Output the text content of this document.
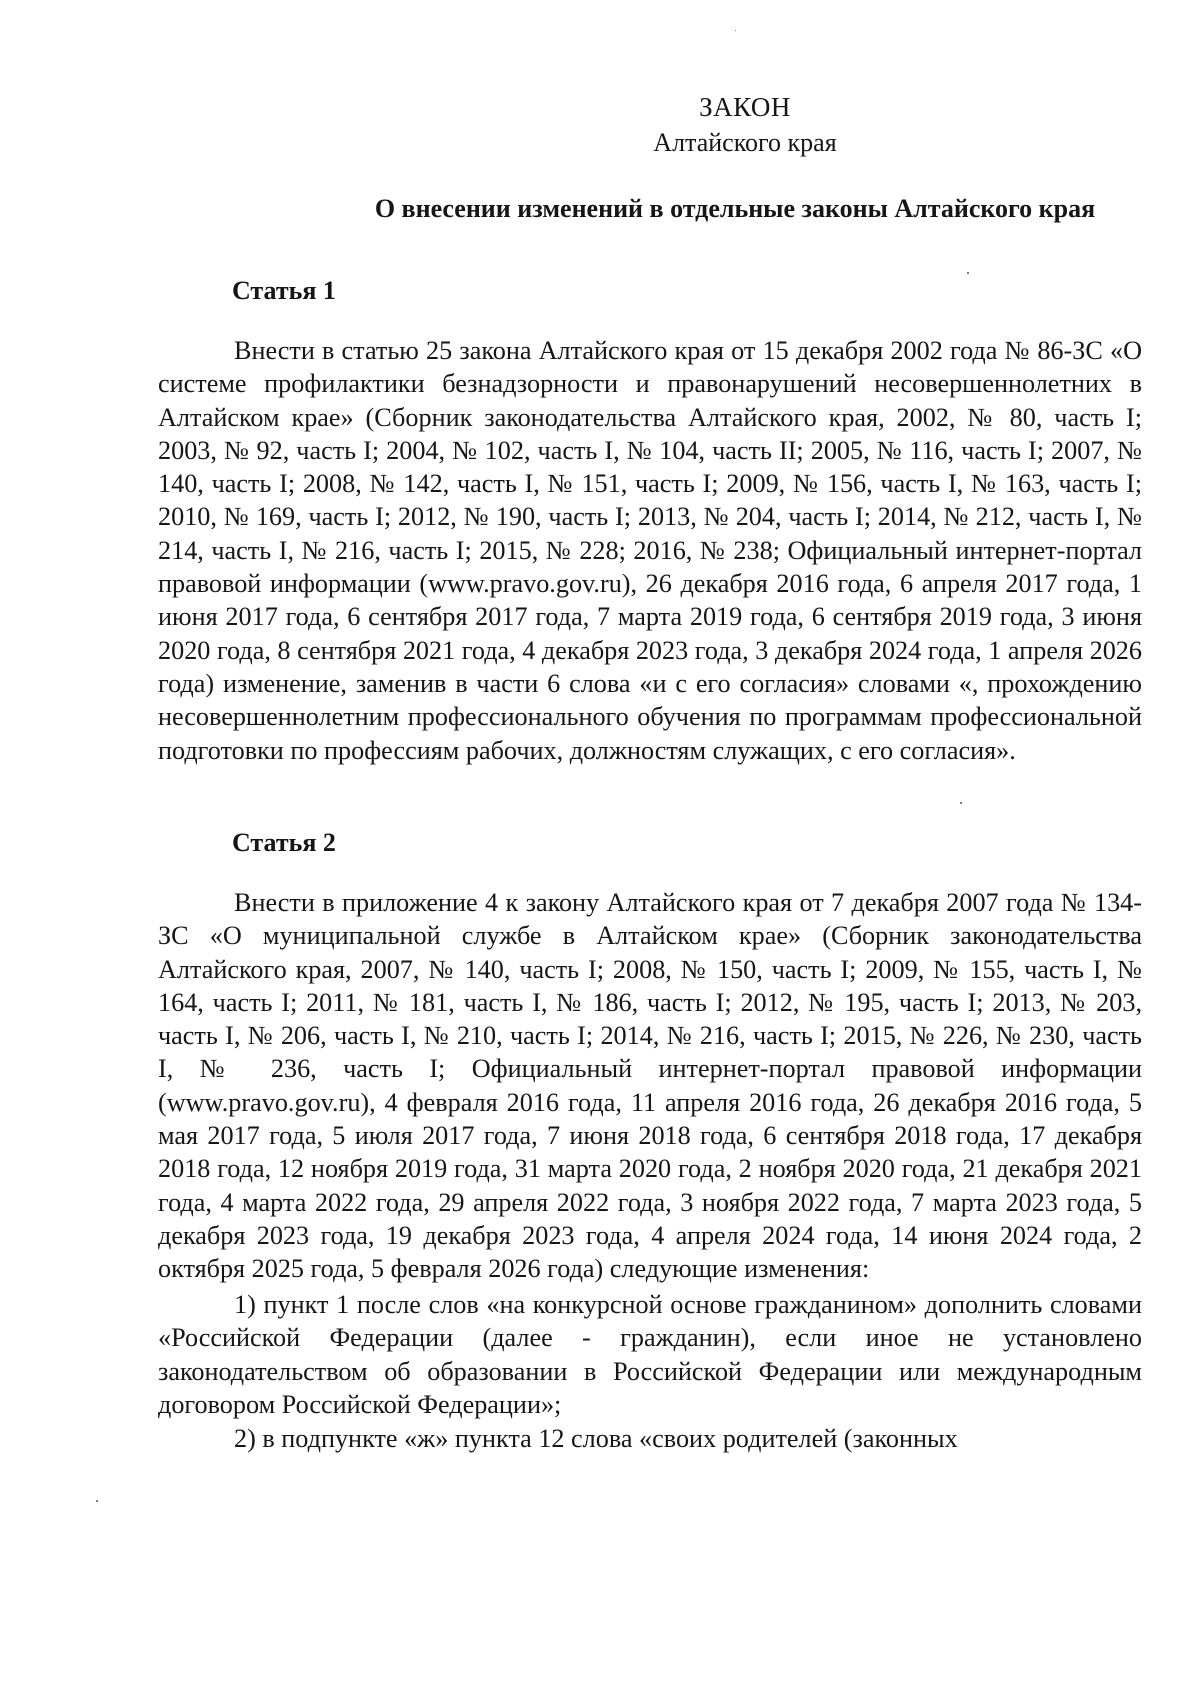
ЗАКОН
Алтайского края
О внесении изменений в отдельные законы Алтайского края
Статья 1
Внести в статью 25 закона Алтайского края от 15 декабря 2002 года № 86-ЗС «О системе профилактики безнадзорности и правонарушений несовершеннолетних в Алтайском крае» (Сборник законодательства Алтайского края, 2002, № 80, часть I; 2003, № 92, часть I; 2004, № 102, часть I, № 104, часть II; 2005, № 116, часть I; 2007, № 140, часть I; 2008, № 142, часть I, № 151, часть I; 2009, № 156, часть I, № 163, часть I; 2010, № 169, часть I; 2012, № 190, часть I; 2013, № 204, часть I; 2014, № 212, часть I, № 214, часть I, № 216, часть I; 2015, № 228; 2016, № 238; Официальный интернет-портал правовой информации (www.pravo.gov.ru), 26 декабря 2016 года, 6 апреля 2017 года, 1 июня 2017 года, 6 сентября 2017 года, 7 марта 2019 года, 6 сентября 2019 года, 3 июня 2020 года, 8 сентября 2021 года, 4 декабря 2023 года, 3 декабря 2024 года, 1 апреля 2026 года) изменение, заменив в части 6 слова «и с его согласия» словами «, прохождению несовершеннолетним профессионального обучения по программам профессиональной подготовки по профессиям рабочих, должностям служащих, с его согласия».
Статья 2
Внести в приложение 4 к закону Алтайского края от 7 декабря 2007 года № 134-ЗС «О муниципальной службе в Алтайском крае» (Сборник законодательства Алтайского края, 2007, № 140, часть I; 2008, № 150, часть I; 2009, № 155, часть I, № 164, часть I; 2011, № 181, часть I, № 186, часть I; 2012, № 195, часть I; 2013, № 203, часть I, № 206, часть I, № 210, часть I; 2014, № 216, часть I; 2015, № 226, № 230, часть I, № 236, часть I; Официальный интернет-портал правовой информации (www.pravo.gov.ru), 4 февраля 2016 года, 11 апреля 2016 года, 26 декабря 2016 года, 5 мая 2017 года, 5 июля 2017 года, 7 июня 2018 года, 6 сентября 2018 года, 17 декабря 2018 года, 12 ноября 2019 года, 31 марта 2020 года, 2 ноября 2020 года, 21 декабря 2021 года, 4 марта 2022 года, 29 апреля 2022 года, 3 ноября 2022 года, 7 марта 2023 года, 5 декабря 2023 года, 19 декабря 2023 года, 4 апреля 2024 года, 14 июня 2024 года, 2 октября 2025 года, 5 февраля 2026 года) следующие изменения:
1) пункт 1 после слов «на конкурсной основе гражданином» дополнить словами «Российской Федерации (далее - гражданин), если иное не установлено законодательством об образовании в Российской Федерации или международным договором Российской Федерации»;
2) в подпункте «ж» пункта 12 слова «своих родителей (законных
